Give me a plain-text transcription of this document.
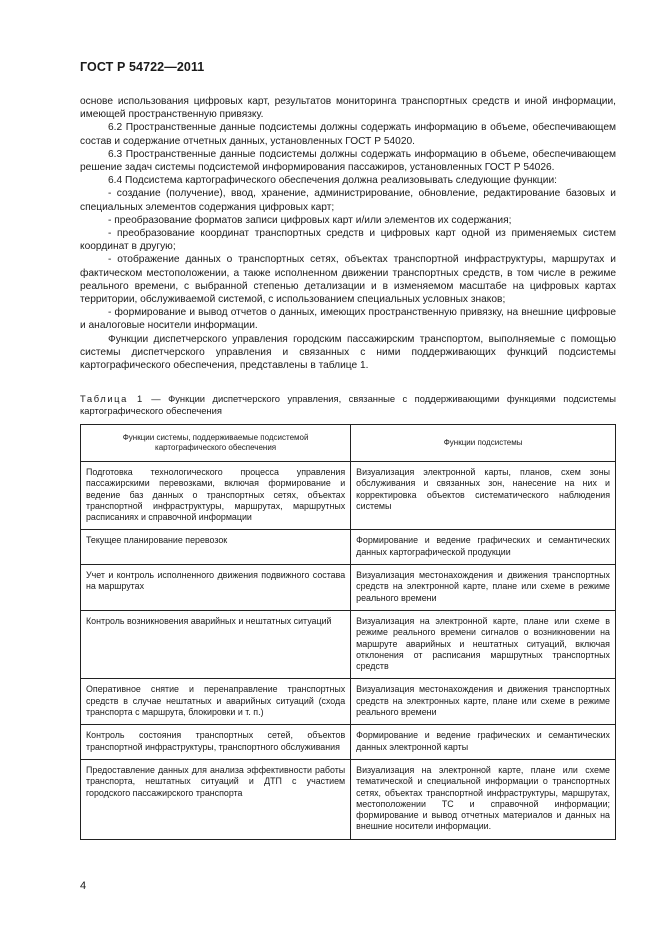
ГОСТ Р 54722—2011

основе использования цифровых карт, результатов мониторинга транспортных средств и иной информации, имеющей пространственную привязку.

6.2 Пространственные данные подсистемы должны содержать информацию в объеме, обеспечивающем состав и содержание отчетных данных, установленных ГОСТ Р 54020.

6.3 Пространственные данные подсистемы должны содержать информацию в объеме, обеспечивающем решение задач системы подсистемой информирования пассажиров, установленных ГОСТ Р 54026.

6.4 Подсистема картографического обеспечения должна реализовывать следующие функции:

- создание (получение), ввод, хранение, администрирование, обновление, редактирование базовых и специальных элементов содержания цифровых карт;

- преобразование форматов записи цифровых карт и/или элементов их содержания;

- преобразование координат транспортных средств и цифровых карт одной из применяемых систем координат в другую;

- отображение данных о транспортных сетях, объектах транспортной инфраструктуры, маршрутах и фактическом местоположении, а также исполненном движении транспортных средств, в том числе в режиме реального времени, с выбранной степенью детализации и в изменяемом масштабе на цифровых картах территории, обслуживаемой системой, с использованием специальных условных знаков;

- формирование и вывод отчетов о данных, имеющих пространственную привязку, на внешние цифровые и аналоговые носители информации.

Функции диспетчерского управления городским пассажирским транспортом, выполняемые с помощью системы диспетчерского управления и связанных с ними поддерживающих функций подсистемы картографического обеспечения, представлены в таблице 1.

Таблица 1 — Функции диспетчерского управления, связанные с поддерживающими функциями подсистемы картографического обеспечения
Функции системы, поддерживаемые подсистемой картографического обеспечения	Функции подсистемы
Подготовка технологического процесса управления пассажирскими перевозками, включая формирование и ведение баз данных о транспортных сетях, объектах транспортной инфраструктуры, маршрутах, маршрутных расписаниях и справочной информации	Визуализация электронной карты, планов, схем зоны обслуживания и связанных зон, нанесение на них и корректировка объектов систематического наблюдения системы
Текущее планирование перевозок	Формирование и ведение графических и семантических данных картографической продукции
Учет и контроль исполненного движения подвижного состава на маршрутах	Визуализация местонахождения и движения транспортных средств на электронной карте, плане или схеме в режиме реального времени
Контроль возникновения аварийных и нештатных ситуаций	Визуализация на электронной карте, плане или схеме в режиме реального времени сигналов о возникновении на маршруте аварийных и нештатных ситуаций, включая отклонения от расписания маршрутных транспортных средств
Оперативное снятие и перенаправление транспортных средств в случае нештатных и аварийных ситуаций (схода транспорта с маршрута, блокировки и т. п.)	Визуализация местонахождения и движения транспортных средств на электронных карте, плане или схеме в режиме реального времени
Контроль состояния транспортных сетей, объектов транспортной инфраструктуры, транспортного обслуживания	Формирование и ведение графических и семантических данных электронной карты
Предоставление данных для анализа эффективности работы транспорта, нештатных ситуаций и ДТП с участием городского пассажирского транспорта	Визуализация на электронной карте, плане или схеме тематической и специальной информации о транспортных сетях, объектах транспортной инфраструктуры, маршрутах, местоположении ТС и справочной информации; формирование и вывод отчетных материалов и данных на внешние носители информации.
4
